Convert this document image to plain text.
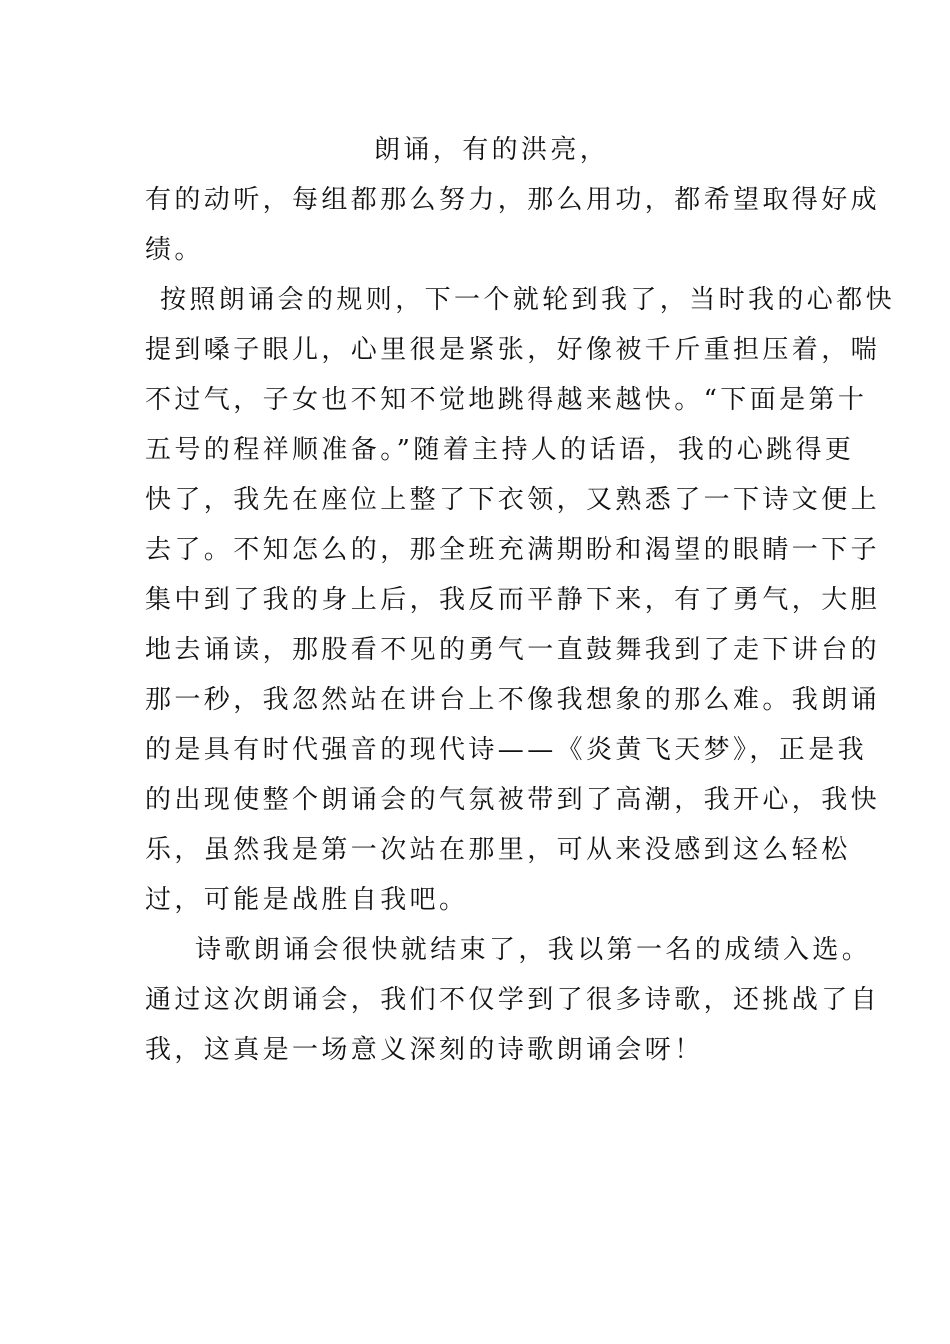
朗诵，有的洪亮，
有的动听，每组都那么努力，那么用功，都希望取得好成
绩。
按照朗诵会的规则，下一个就轮到我了，当时我的心都快
提到嗓子眼儿，心里很是紧张，好像被千斤重担压着，喘
不过气，子女也不知不觉地跳得越来越快。“下面是第十
五号的程祥顺准备。”随着主持人的话语，我的心跳得更
快了，我先在座位上整了下衣领，又熟悉了一下诗文便上
去了。不知怎么的，那全班充满期盼和渴望的眼睛一下子
集中到了我的身上后，我反而平静下来，有了勇气，大胆
地去诵读，那股看不见的勇气一直鼓舞我到了走下讲台的
那一秒，我忽然站在讲台上不像我想象的那么难。我朗诵
的是具有时代强音的现代诗——《炎黄飞天梦》，正是我
的出现使整个朗诵会的气氛被带到了高潮，我开心，我快
乐，虽然我是第一次站在那里，可从来没感到这么轻松
过，可能是战胜自我吧。
诗歌朗诵会很快就结束了，我以第一名的成绩入选。
通过这次朗诵会，我们不仅学到了很多诗歌，还挑战了自
我，这真是一场意义深刻的诗歌朗诵会呀！
